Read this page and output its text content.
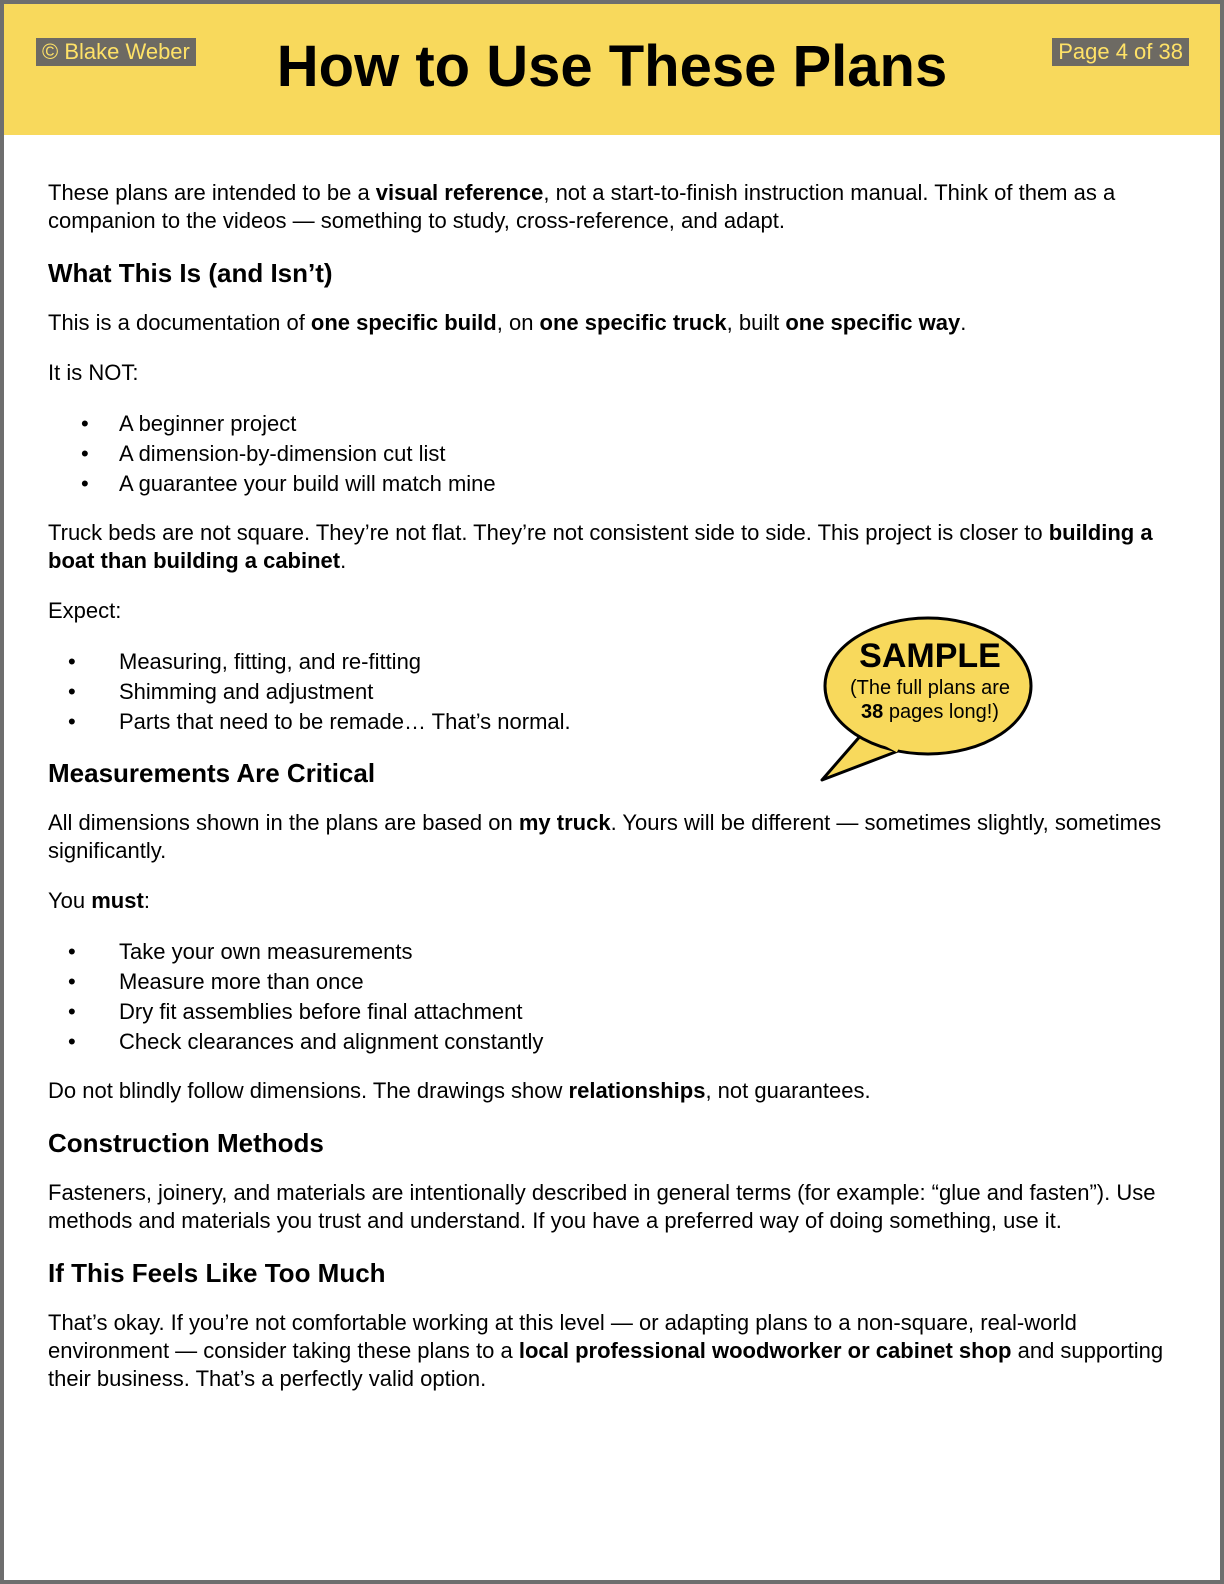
© Blake Weber	How to Use These Plans	Page 4 of 38

These plans are intended to be a visual reference, not a start-to-finish instruction manual. Think of them as a companion to the videos — something to study, cross-reference, and adapt.

What This Is (and Isn’t)

This is a documentation of one specific build, on one specific truck, built one specific way.

It is NOT:

• A beginner project
• A dimension-by-dimension cut list
• A guarantee your build will match mine

Truck beds are not square. They’re not flat. They’re not consistent side to side. This project is closer to building a boat than building a cabinet.

Expect:

• Measuring, fitting, and re-fitting
• Shimming and adjustment
• Parts that need to be remade… That’s normal.
Measurements Are Critical

All dimensions shown in the plans are based on my truck. Yours will be different — sometimes slightly, sometimes significantly.

You must:

• Take your own measurements
• Measure more than once
• Dry fit assemblies before final attachment
• Check clearances and alignment constantly

Do not blindly follow dimensions. The drawings show relationships, not guarantees.

Construction Methods

Fasteners, joinery, and materials are intentionally described in general terms (for example: “glue and fasten”). Use methods and materials you trust and understand. If you have a preferred way of doing something, use it.

If This Feels Like Too Much

That’s okay. If you’re not comfortable working at this level — or adapting plans to a non-square, real-world environment — consider taking these plans to a local professional woodworker or cabinet shop and supporting their business. That’s a perfectly valid option.

SAMPLE
(The full plans are
38 pages long!)
